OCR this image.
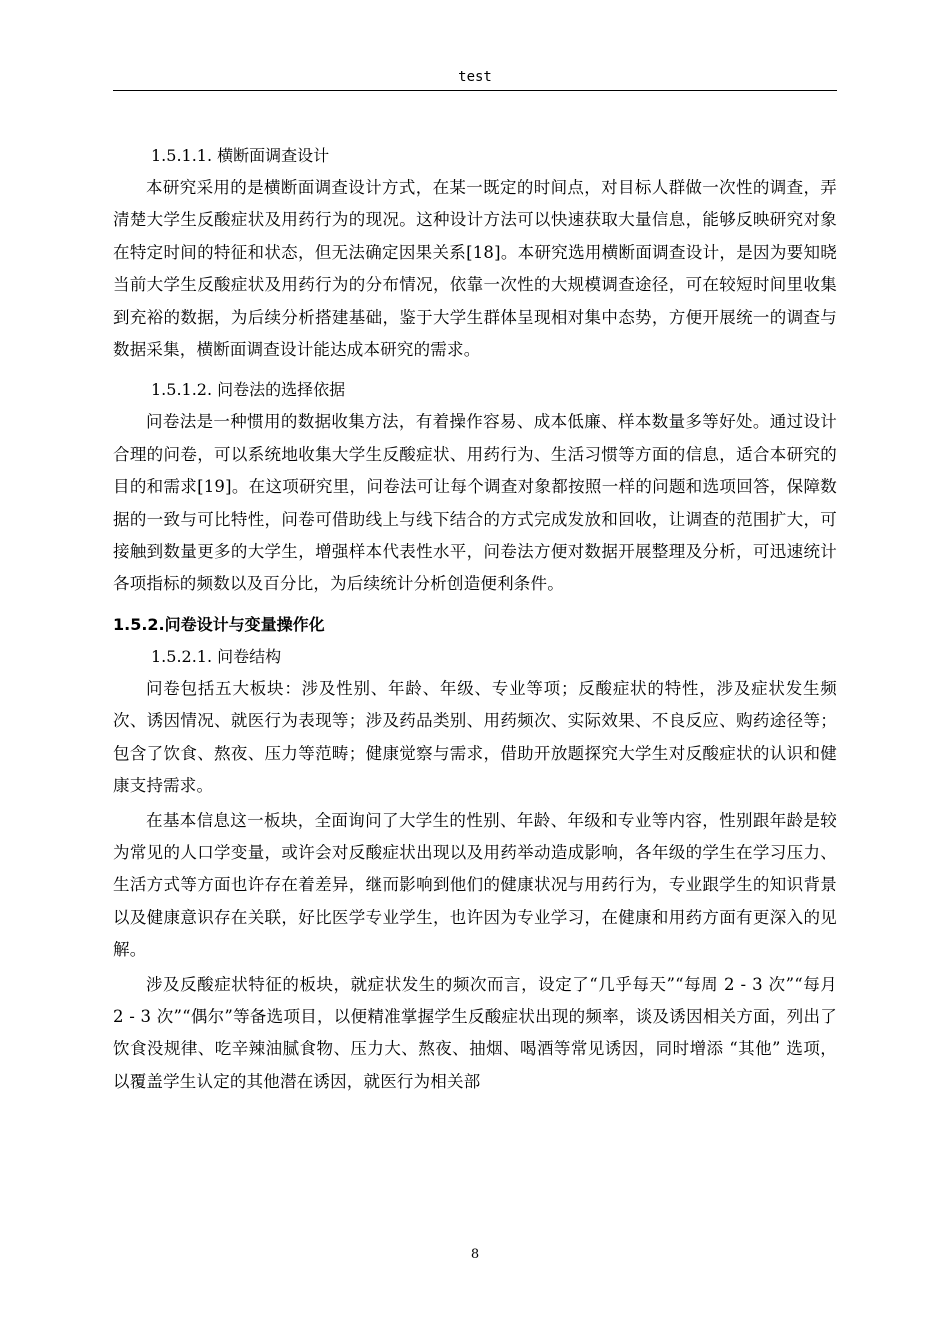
test

1.5.1.1. 横断面调查设计

本研究采用的是横断面调查设计方式，在某一既定的时间点，对目标人群做一次性的调查，弄清楚大学生反酸症状及用药行为的现况。这种设计方法可以快速获取大量信息，能够反映研究对象在特定时间的特征和状态，但无法确定因果关系[18]。本研究选用横断面调查设计，是因为要知晓当前大学生反酸症状及用药行为的分布情况，依靠一次性的大规模调查途径，可在较短时间里收集到充裕的数据，为后续分析搭建基础，鉴于大学生群体呈现相对集中态势，方便开展统一的调查与数据采集，横断面调查设计能达成本研究的需求。

1.5.1.2. 问卷法的选择依据

问卷法是一种惯用的数据收集方法，有着操作容易、成本低廉、样本数量多等好处。通过设计合理的问卷，可以系统地收集大学生反酸症状、用药行为、生活习惯等方面的信息，适合本研究的目的和需求[19]。在这项研究里，问卷法可让每个调查对象都按照一样的问题和选项回答，保障数据的一致与可比特性，问卷可借助线上与线下结合的方式完成发放和回收，让调查的范围扩大，可接触到数量更多的大学生，增强样本代表性水平，问卷法方便对数据开展整理及分析，可迅速统计各项指标的频数以及百分比，为后续统计分析创造便利条件。

1.5.2.问卷设计与变量操作化

1.5.2.1. 问卷结构

问卷包括五大板块：涉及性别、年龄、年级、专业等项；反酸症状的特性，涉及症状发生频次、诱因情况、就医行为表现等；涉及药品类别、用药频次、实际效果、不良反应、购药途径等；包含了饮食、熬夜、压力等范畴；健康觉察与需求，借助开放题探究大学生对反酸症状的认识和健康支持需求。

在基本信息这一板块，全面询问了大学生的性别、年龄、年级和专业等内容，性别跟年龄是较为常见的人口学变量，或许会对反酸症状出现以及用药举动造成影响，各年级的学生在学习压力、生活方式等方面也许存在着差异，继而影响到他们的健康状况与用药行为，专业跟学生的知识背景以及健康意识存在关联，好比医学专业学生，也许因为专业学习，在健康和用药方面有更深入的见解。

涉及反酸症状特征的板块，就症状发生的频次而言，设定了“几乎每天”“每周 2 - 3 次”“每月 2 - 3 次”“偶尔”等备选项目，以便精准掌握学生反酸症状出现的频率，谈及诱因相关方面，列出了饮食没规律、吃辛辣油腻食物、压力大、熬夜、抽烟、喝酒等常见诱因，同时增添 “其他” 选项，以覆盖学生认定的其他潜在诱因，就医行为相关部

8
